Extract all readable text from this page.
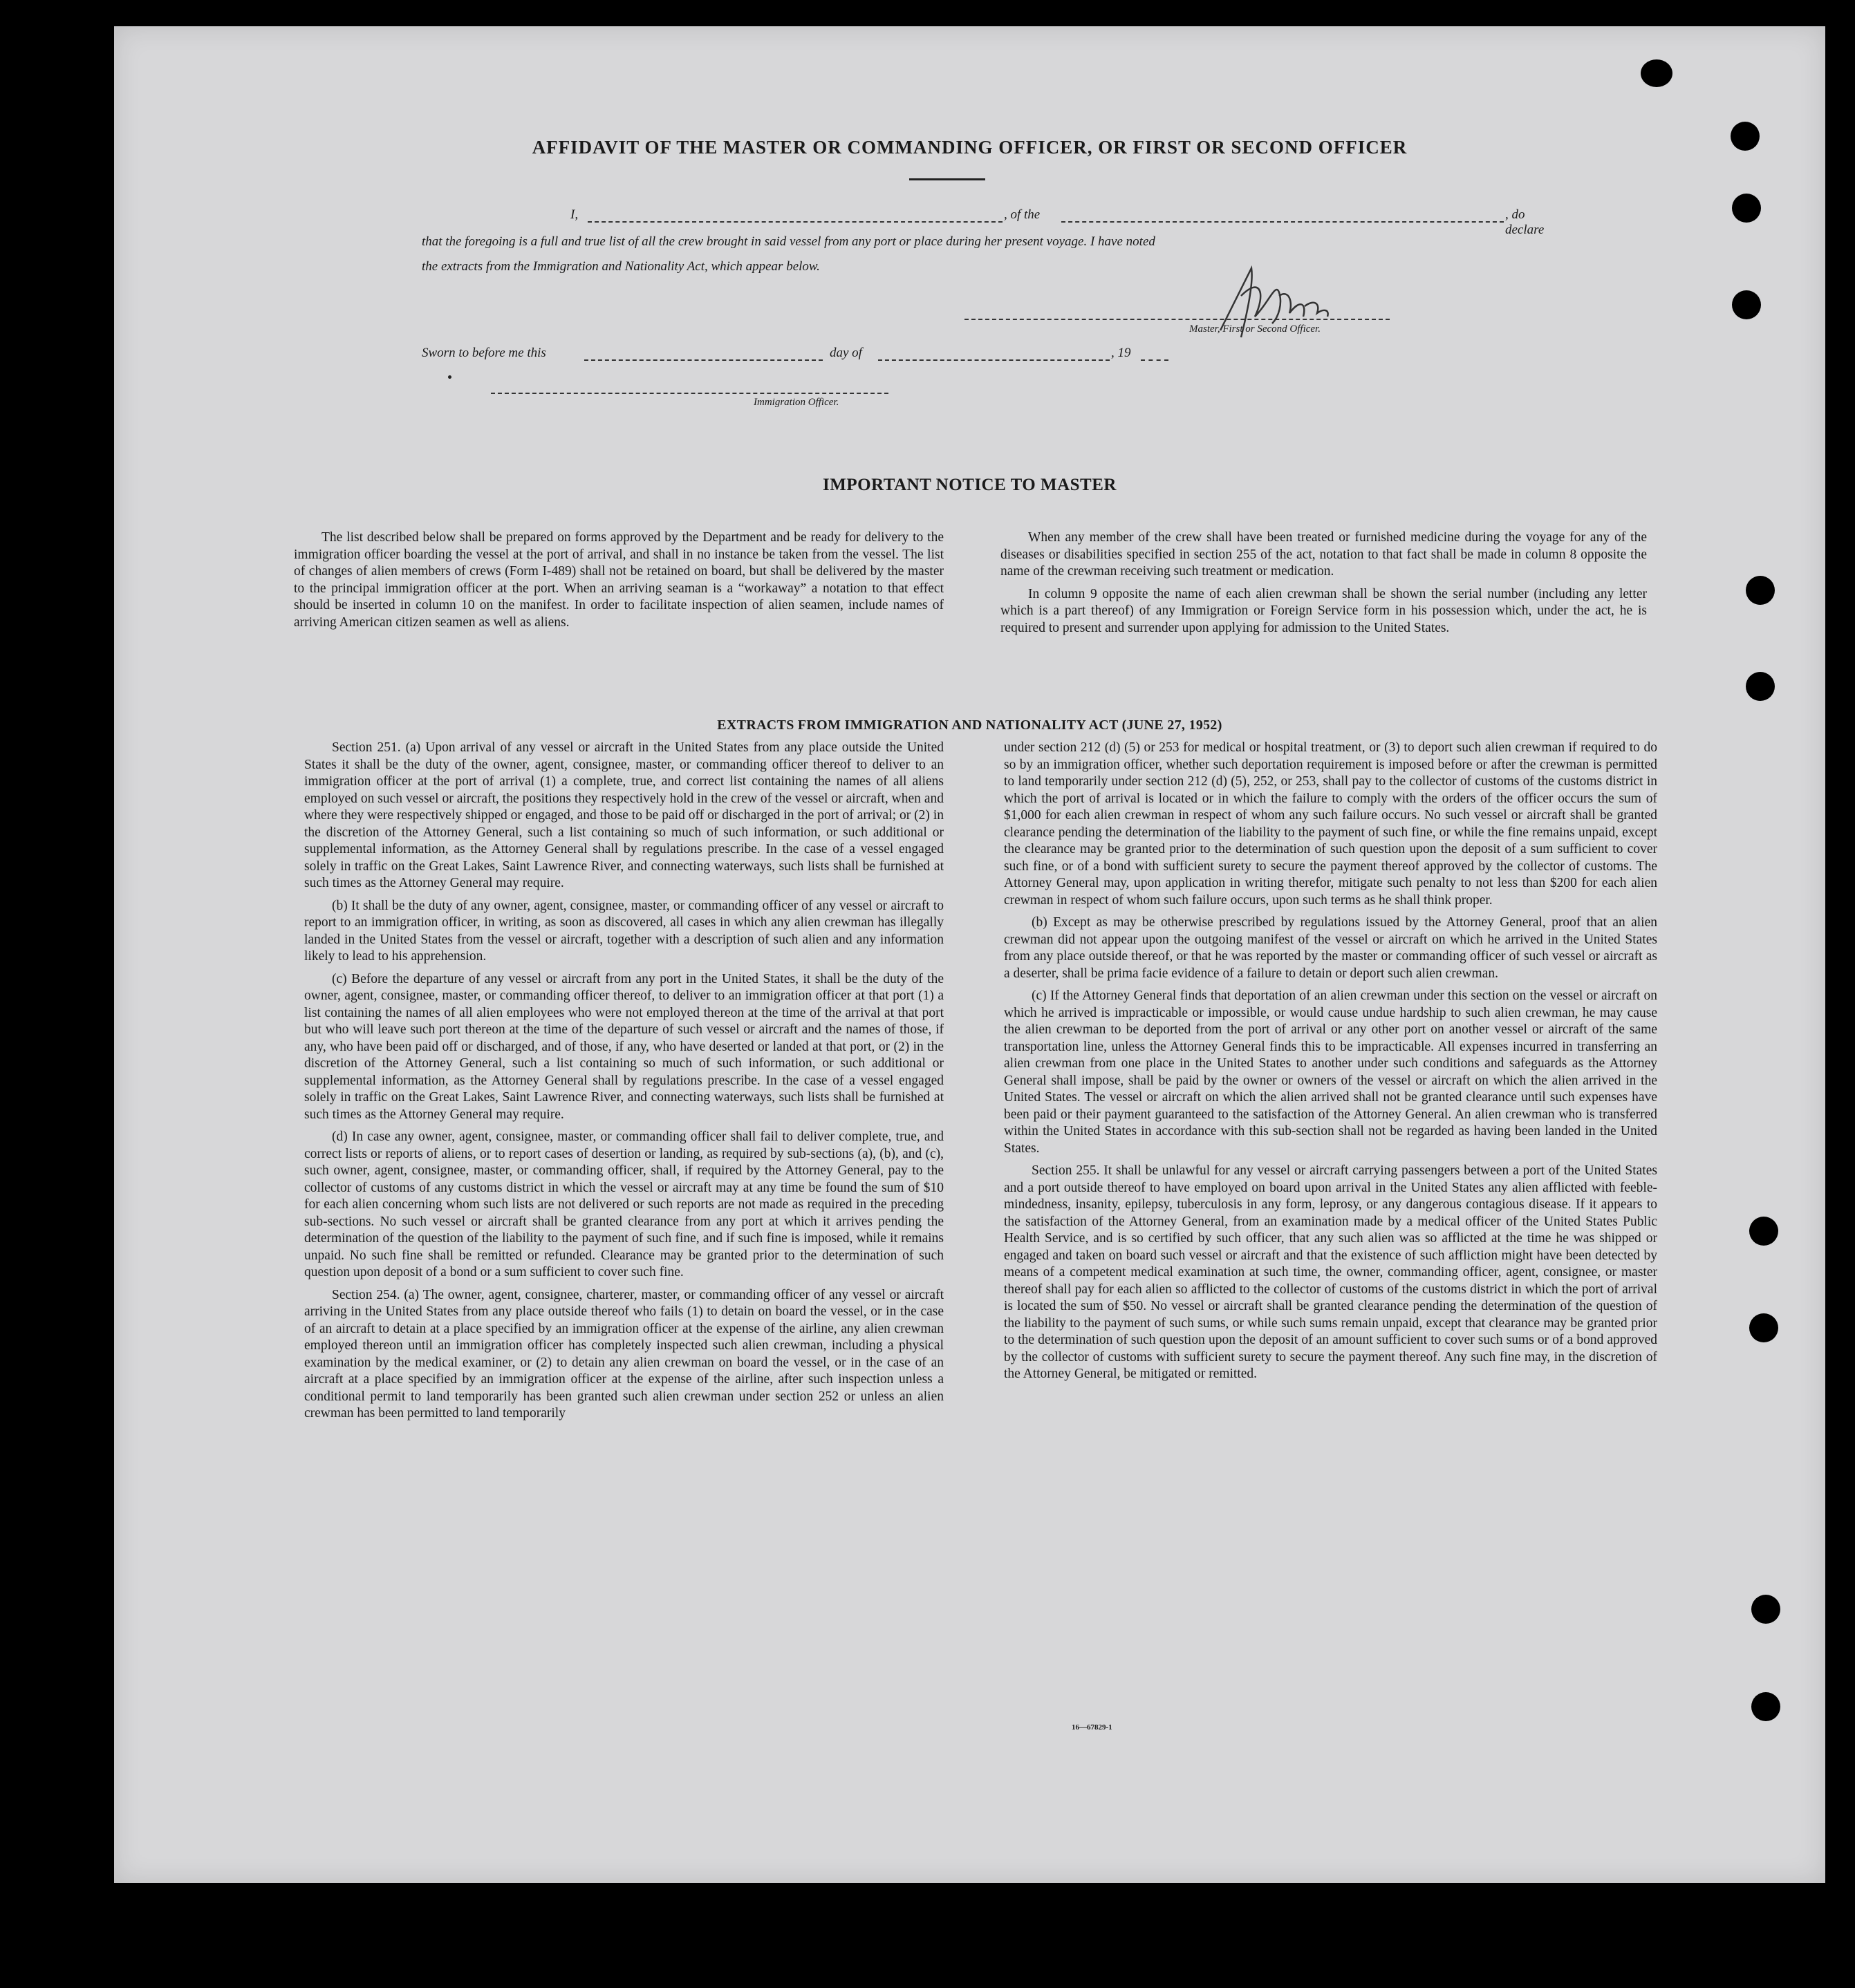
AFFIDAVIT OF THE MASTER OR COMMANDING OFFICER, OR FIRST OR SECOND OFFICER
I,	, of the	, do declare
that the foregoing is a full and true list of all the crew brought in said vessel from any port or place during her present voyage. I have noted
the extracts from the Immigration and Nationality Act, which appear below.
Master, First or Second Officer.
Sworn to before me this	day of	, 19
Immigration Officer.
IMPORTANT NOTICE TO MASTER

The list described below shall be prepared on forms approved by the Department and be ready for delivery to the immigration officer boarding the vessel at the port of arrival, and shall in no instance be taken from the vessel. The list of changes of alien members of crews (Form I-489) shall not be retained on board, but shall be delivered by the master to the principal immigration officer at the port. When an arriving seaman is a “workaway” a notation to that effect should be inserted in column 10 on the manifest. In order to facilitate inspection of alien seamen, include names of arriving American citizen seamen as well as aliens.

When any member of the crew shall have been treated or furnished medicine during the voyage for any of the diseases or disabilities specified in section 255 of the act, notation to that fact shall be made in column 8 opposite the name of the crewman receiving such treatment or medication.

In column 9 opposite the name of each alien crewman shall be shown the serial number (including any letter which is a part thereof) of any Immigration or Foreign Service form in his possession which, under the act, he is required to present and surrender upon applying for admission to the United States.

EXTRACTS FROM IMMIGRATION AND NATIONALITY ACT (JUNE 27, 1952)

Section 251. (a) Upon arrival of any vessel or aircraft in the United States from any place outside the United States it shall be the duty of the owner, agent, consignee, master, or commanding officer thereof to deliver to an immigration officer at the port of arrival (1) a complete, true, and correct list containing the names of all aliens employed on such vessel or aircraft, the positions they respectively hold in the crew of the vessel or aircraft, when and where they were respectively shipped or engaged, and those to be paid off or discharged in the port of arrival; or (2) in the discretion of the Attorney General, such a list containing so much of such information, or such additional or supplemental information, as the Attorney General shall by regulations prescribe. In the case of a vessel engaged solely in traffic on the Great Lakes, Saint Lawrence River, and connecting waterways, such lists shall be furnished at such times as the Attorney General may require.

(b) It shall be the duty of any owner, agent, consignee, master, or commanding officer of any vessel or aircraft to report to an immigration officer, in writing, as soon as discovered, all cases in which any alien crewman has illegally landed in the United States from the vessel or aircraft, together with a description of such alien and any information likely to lead to his apprehension.

(c) Before the departure of any vessel or aircraft from any port in the United States, it shall be the duty of the owner, agent, consignee, master, or commanding officer thereof, to deliver to an immigration officer at that port (1) a list containing the names of all alien employees who were not employed thereon at the time of the arrival at that port but who will leave such port thereon at the time of the departure of such vessel or aircraft and the names of those, if any, who have been paid off or discharged, and of those, if any, who have deserted or landed at that port, or (2) in the discretion of the Attorney General, such a list containing so much of such information, or such additional or supplemental information, as the Attorney General shall by regulations prescribe. In the case of a vessel engaged solely in traffic on the Great Lakes, Saint Lawrence River, and connecting waterways, such lists shall be furnished at such times as the Attorney General may require.

(d) In case any owner, agent, consignee, master, or commanding officer shall fail to deliver complete, true, and correct lists or reports of aliens, or to report cases of desertion or landing, as required by sub-sections (a), (b), and (c), such owner, agent, consignee, master, or commanding officer, shall, if required by the Attorney General, pay to the collector of customs of any customs district in which the vessel or aircraft may at any time be found the sum of $10 for each alien concerning whom such lists are not delivered or such reports are not made as required in the preceding sub-sections. No such vessel or aircraft shall be granted clearance from any port at which it arrives pending the determination of the question of the liability to the payment of such fine, and if such fine is imposed, while it remains unpaid. No such fine shall be remitted or refunded. Clearance may be granted prior to the determination of such question upon deposit of a bond or a sum sufficient to cover such fine.

Section 254. (a) The owner, agent, consignee, charterer, master, or commanding officer of any vessel or aircraft arriving in the United States from any place outside thereof who fails (1) to detain on board the vessel, or in the case of an aircraft to detain at a place specified by an immigration officer at the expense of the airline, any alien crewman employed thereon until an immigration officer has completely inspected such alien crewman, including a physical examination by the medical examiner, or (2) to detain any alien crewman on board the vessel, or in the case of an aircraft at a place specified by an immigration officer at the expense of the airline, after such inspection unless a conditional permit to land temporarily has been granted such alien crewman under section 252 or unless an alien crewman has been permitted to land temporarily

under section 212 (d) (5) or 253 for medical or hospital treatment, or (3) to deport such alien crewman if required to do so by an immigration officer, whether such deportation requirement is imposed before or after the crewman is permitted to land temporarily under section 212 (d) (5), 252, or 253, shall pay to the collector of customs of the customs district in which the port of arrival is located or in which the failure to comply with the orders of the officer occurs the sum of $1,000 for each alien crewman in respect of whom any such failure occurs. No such vessel or aircraft shall be granted clearance pending the determination of the liability to the payment of such fine, or while the fine remains unpaid, except the clearance may be granted prior to the determination of such question upon the deposit of a sum sufficient to cover such fine, or of a bond with sufficient surety to secure the payment thereof approved by the collector of customs. The Attorney General may, upon application in writing therefor, mitigate such penalty to not less than $200 for each alien crewman in respect of whom such failure occurs, upon such terms as he shall think proper.

(b) Except as may be otherwise prescribed by regulations issued by the Attorney General, proof that an alien crewman did not appear upon the outgoing manifest of the vessel or aircraft on which he arrived in the United States from any place outside thereof, or that he was reported by the master or commanding officer of such vessel or aircraft as a deserter, shall be prima facie evidence of a failure to detain or deport such alien crewman.

(c) If the Attorney General finds that deportation of an alien crewman under this section on the vessel or aircraft on which he arrived is impracticable or impossible, or would cause undue hardship to such alien crewman, he may cause the alien crewman to be deported from the port of arrival or any other port on another vessel or aircraft of the same transportation line, unless the Attorney General finds this to be impracticable. All expenses incurred in transferring an alien crewman from one place in the United States to another under such conditions and safeguards as the Attorney General shall impose, shall be paid by the owner or owners of the vessel or aircraft on which the alien arrived in the United States. The vessel or aircraft on which the alien arrived shall not be granted clearance until such expenses have been paid or their payment guaranteed to the satisfaction of the Attorney General. An alien crewman who is transferred within the United States in accordance with this sub-section shall not be regarded as having been landed in the United States.

Section 255. It shall be unlawful for any vessel or aircraft carrying passengers between a port of the United States and a port outside thereof to have employed on board upon arrival in the United States any alien afflicted with feeble-mindedness, insanity, epilepsy, tuberculosis in any form, leprosy, or any dangerous contagious disease. If it appears to the satisfaction of the Attorney General, from an examination made by a medical officer of the United States Public Health Service, and is so certified by such officer, that any such alien was so afflicted at the time he was shipped or engaged and taken on board such vessel or aircraft and that the existence of such affliction might have been detected by means of a competent medical examination at such time, the owner, commanding officer, agent, consignee, or master thereof shall pay for each alien so afflicted to the collector of customs of the customs district in which the port of arrival is located the sum of $50. No vessel or aircraft shall be granted clearance pending the determination of the question of the liability to the payment of such sums, or while such sums remain unpaid, except that clearance may be granted prior to the determination of such question upon the deposit of an amount sufficient to cover such sums or of a bond approved by the collector of customs with sufficient surety to secure the payment thereof. Any such fine may, in the discretion of the Attorney General, be mitigated or remitted.

16—67829-1
